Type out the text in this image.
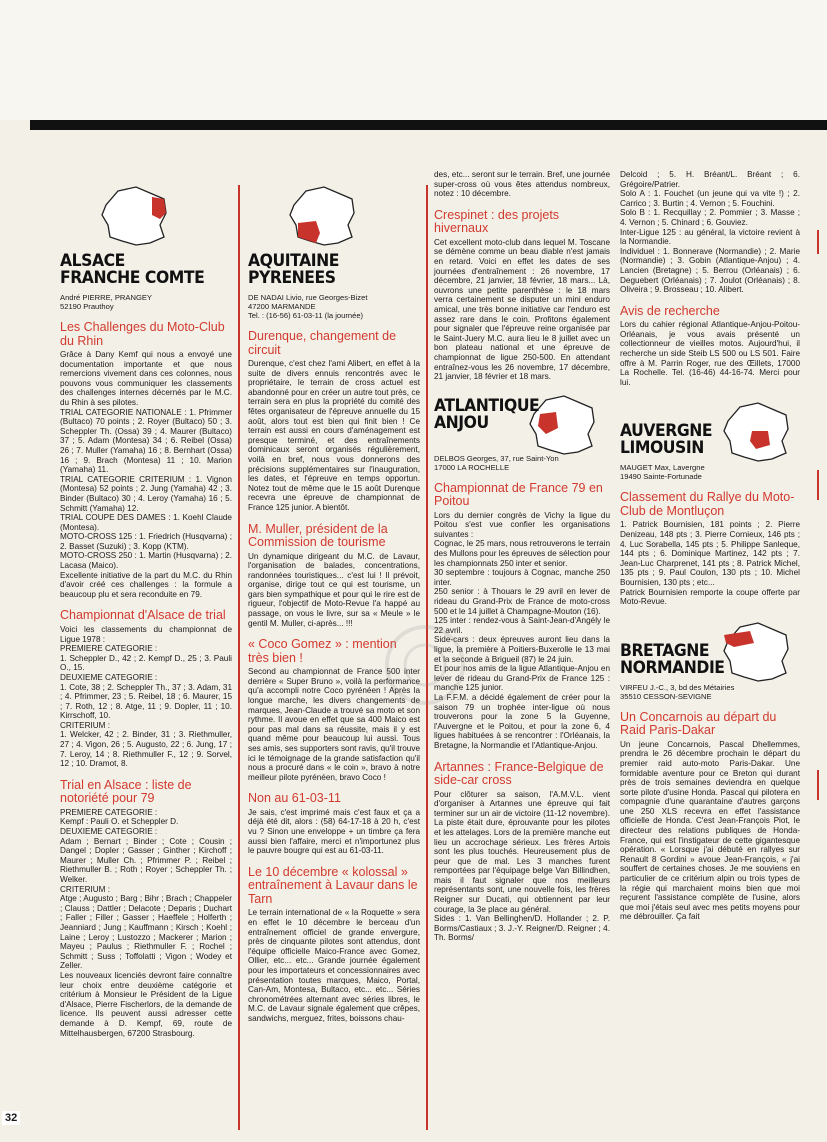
ALSACE
FRANCHE COMTE
André PIERRE, PRANGEY
52190 Prauthoy
Les Challenges du Moto-Club du Rhin

Grâce à Dany Kemf qui nous a envoyé une documentation importante et que nous remercions vivement dans ces colonnes, nous pouvons vous communiquer les classements des challenges internes décernés par le M.C. du Rhin à ses pilotes.
TRIAL CATEGORIE NATIONALE : 1. Pfrimmer (Bultaco) 70 points ; 2. Royer (Bultaco) 50 ; 3. Scheppler Th. (Ossa) 39 ; 4. Maurer (Bultaco) 37 ; 5. Adam (Montesa) 34 ; 6. Reibel (Ossa) 26 ; 7. Muller (Yamaha) 16 ; 8. Bernhart (Ossa) 16 ; 9. Brach (Montesa) 11 ; 10. Marion (Yamaha) 11.
TRIAL CATEGORIE CRITERIUM : 1. Vignon (Montesa) 52 points ; 2. Jung (Yamaha) 42 ; 3. Binder (Bultaco) 30 ; 4. Leroy (Yamaha) 16 ; 5. Schmitt (Yamaha) 12.
TRIAL COUPE DES DAMES : 1. Koehl Claude (Montesa).
MOTO-CROSS 125 : 1. Friedrich (Husqvarna) ; 2. Basset (Suzuki) ; 3. Kopp (KTM).
MOTO-CROSS 250 : 1. Martin (Husqvarna) ; 2. Lacasa (Maico).
Excellente initiative de la part du M.C. du Rhin d'avoir créé ces challenges : la formule a beaucoup plu et sera reconduite en 79.

Championnat d'Alsace de trial

Voici les classements du championnat de Ligue 1978 :
PREMIERE CATEGORIE :
1. Scheppler D., 42 ; 2. Kempf D., 25 ; 3. Pauli O., 15.
DEUXIEME CATEGORIE :
1. Cote, 38 ; 2. Scheppler Th., 37 ; 3. Adam, 31 ; 4. Pfrimmer, 23 ; 5. Reibel, 18 ; 6. Maurer, 15 ; 7. Roth, 12 ; 8. Atge, 11 ; 9. Dopler, 11 ; 10. Kirrschoff, 10.
CRITERIUM :
1. Welcker, 42 ; 2. Binder, 31 ; 3. Riethmuller, 27 ; 4. Vigon, 26 ; 5. Augusto, 22 ; 6. Jung, 17 ; 7. Leroy, 14 ; 8. Riethmuller F., 12 ; 9. Sorvel, 12 ; 10. Dramot, 8.

Trial en Alsace : liste de notoriété pour 79

PREMIERE CATEGORIE :
Kempf : Pauli O. et Scheppler D.
DEUXIEME CATEGORIE :
Adam ; Bernart ; Binder ; Cote ; Cousin ; Dangel ; Dopler ; Gasser ; Ginther ; Kirchoff ; Maurer ; Muller Ch. ; Pfrimmer P. ; Reibel ; Riethmuller B. ; Roth ; Royer ; Scheppler Th. ; Welker.
CRITERIUM :
Atge ; Augusto ; Barg ; Bihr ; Brach ; Chappeler ; Clauss ; Dattler ; Delacote ; Deparis ; Duchart ; Faller ; Filler ; Gasser ; Haeffele ; Holferth ; Jeanniard ; Jung ; Kauffmann ; Kirsch ; Koehl ; Laine ; Leroy ; Lustozzo ; Mackerer ; Marion ; Mayeu ; Paulus ; Riethmuller F. ; Rochel ; Schmitt ; Suss ; Toffolatti ; Vigon ; Wodey et Zeller.
Les nouveaux licenciés devront faire connaître leur choix entre deuxième catégorie et critérium à Monsieur le Président de la Ligue d'Alsace, Pierre Fischerlors, de la demande de licence. Ils peuvent aussi adresser cette demande à D. Kempf, 69, route de Mittelhausbergen, 67200 Strasbourg.

AQUITAINE
PYRENEES
DE NADAI Livio, rue Georges-Bizet
47200 MARMANDE
Tel. : (16-56) 61-03-11 (la journée)
Durenque, changement de circuit

Durenque, c'est chez l'ami Alibert, en effet à la suite de divers ennuis rencontrés avec le propriétaire, le terrain de cross actuel est abandonné pour en créer un autre tout près, ce terrain sera en plus la propriété du comité des fêtes organisateur de l'épreuve annuelle du 15 août, alors tout est bien qui finit bien ! Ce terrain est aussi en cours d'aménagement est presque terminé, et des entraînements dominicaux seront organisés régulièrement, voilà en bref, nous vous donnerons des précisions supplémentaires sur l'inauguration, les dates, et l'épreuve en temps opportun. Notez tout de même que le 15 août Durenque recevra une épreuve de championnat de France 125 junior. A bientôt.

M. Muller, président de la Commission de tourisme

Un dynamique dirigeant du M.C. de Lavaur, l'organisation de balades, concentrations, randonnées touristiques... c'est lui ! Il prévoit, organise, dirige tout ce qui est tourisme, un gars bien sympathique et pour qui le rire est de rigueur, l'objectif de Moto-Revue l'a happé au passage, on vous le livre, sur sa « Meule » le gentil M. Muller, ci-après... !!!

« Coco Gomez » : mention très bien !

Second au championnat de France 500 inter derrière « Super Bruno », voilà la performance qu'a accompli notre Coco pyrénéen ! Après la longue marche, les divers changements de marques, Jean-Claude a trouvé sa moto et son rythme. Il avoue en effet que sa 400 Maico est pour pas mal dans sa réussite, mais il y est quand même pour beaucoup lui aussi. Tous ses amis, ses supporters sont ravis, qu'il trouve ici le témoignage de la grande satisfaction qu'il nous a procuré dans « le coin », bravo à notre meilleur pilote pyrénéen, bravo Coco !

Non au 61-03-11

Je sais, c'est imprimé mais c'est faux et ça a déjà été dit, alors : (58) 64-17-18 à 20 h, c'est vu ? Sinon une enveloppe + un timbre ça fera aussi bien l'affaire, merci et n'importunez plus le pauvre bougre qui est au 61-03-11.

Le 10 décembre « kolossal » entraînement à Lavaur dans le Tarn

Le terrain international de « la Roquette » sera en effet le 10 décembre le berceau d'un entraînement officiel de grande envergure, près de cinquante pilotes sont attendus, dont l'équipe officielle Maico-France avec Gomez, Ollier, etc... etc... Grande journée également pour les importateurs et concessionnaires avec présentation toutes marques, Maico, Portal, Can-Am, Montesa, Bultaco, etc... etc... Séries chronométrées alternant avec séries libres, le M.C. de Lavaur signale également que crêpes, sandwichs, merguez, frites, boissons chau-

des, etc... seront sur le terrain. Bref, une journée super-cross où vous êtes attendus nombreux, notez : 10 décembre.

Crespinet : des projets hivernaux

Cet excellent moto-club dans lequel M. Toscane se démène comme un beau diable n'est jamais en retard. Voici en effet les dates de ses journées d'entraînement : 26 novembre, 17 décembre, 21 janvier, 18 février, 18 mars... Là, ouvrons une petite parenthèse : le 18 mars verra certainement se disputer un mini enduro amical, une très bonne initiative car l'enduro est assez rare dans le coin. Profitons également pour signaler que l'épreuve reine organisée par le Saint-Juery M.C. aura lieu le 8 juillet avec un bon plateau national et une épreuve de championnat de ligue 250-500. En attendant entraînez-vous les 26 novembre, 17 décembre, 21 janvier, 18 février et 18 mars.

ATLANTIQUE
ANJOU
DELBOS Georges, 37, rue Saint-Yon
17000 LA ROCHELLE
Championnat de France 79 en Poitou

Lors du dernier congrès de Vichy la ligue du Poitou s'est vue confier les organisations suivantes :
Cognac, le 25 mars, nous retrouverons le terrain des Mullons pour les épreuves de sélection pour les championnats 250 inter et senior.
30 septembre : toujours à Cognac, manche 250 inter.
250 senior : à Thouars le 29 avril en lever de rideau du Grand-Prix de France de moto-cross 500 et le 14 juillet à Champagne-Mouton (16).
125 inter : rendez-vous à Saint-Jean-d'Angély le 22 avril.
Side-cars : deux épreuves auront lieu dans la ligue, la première à Poitiers-Buxerolle le 13 mai et la seconde à Brigueil (87) le 24 juin.
Et pour nos amis de la ligue Atlantique-Anjou en lever de rideau du Grand-Prix de France 125 : manche 125 junior.
La F.F.M. a décidé également de créer pour la saison 79 un trophée inter-ligue où nous trouverons pour la zone 5 la Guyenne, l'Auvergne et le Poitou, et pour la zone 6, 4 ligues habituées à se rencontrer : l'Orléanais, la Bretagne, la Normandie et l'Atlantique-Anjou.

Artannes : France-Belgique de side-car cross

Pour clôturer sa saison, l'A.M.V.L. vient d'organiser à Artannes une épreuve qui fait terminer sur un air de victoire (11-12 novembre). La piste était dure, éprouvante pour les pilotes et les attelages. Lors de la première manche eut lieu un accrochage sérieux. Les frères Artois sont les plus touchés. Heureusement plus de peur que de mal. Les 3 manches furent remportées par l'équipage belge Van Billindhen, mais il faut signaler que nos meilleurs représentants sont, une nouvelle fois, les frères Reigner sur Ducati, qui obtiennent par leur courage, la 3e place au général.
Sides : 1. Van Bellinghen/D. Hollander ; 2. P. Borms/Castiaux ; 3. J.-Y. Reigner/D. Reigner ; 4. Th. Borms/

Delcoid ; 5. H. Bréant/L. Bréant ; 6. Grégoire/Patrier.
Solo A : 1. Fouchet (un jeune qui va vite !) ; 2. Carrico ; 3. Burtin ; 4. Vernon ; 5. Fouchini.
Solo B : 1. Recquillay ; 2. Pommier ; 3. Masse ; 4. Vernon ; 5. Chinard ; 6. Gouviez.
Inter-Ligue 125 : au général, la victoire revient à la Normandie.
Individuel : 1. Bonnerave (Normandie) ; 2. Marie (Normandie) ; 3. Gobin (Atlantique-Anjou) ; 4. Lancien (Bretagne) ; 5. Berrou (Orléanais) ; 6. Deguebert (Orléanais) ; 7. Joulot (Orléanais) ; 8. Oliveira ; 9. Brosseau ; 10. Alibert.

Avis de recherche

Lors du cahier régional Atlantique-Anjou-Poitou-Orléanais, je vous avais présenté un collectionneur de vieilles motos. Aujourd'hui, il recherche un side Steib LS 500 ou LS 501. Faire offre à M. Parrin Roger, rue des Œillets, 17000 La Rochelle. Tel. (16-46) 44-16-74. Merci pour lui.

AUVERGNE
LIMOUSIN
MAUGET Max, Lavergne
19490 Sainte-Fortunade
Classement du Rallye du Moto-Club de Montluçon

1. Patrick Bournisien, 181 points ; 2. Pierre Denizeau, 148 pts ; 3. Pierre Cornieux, 146 pts ; 4. Luc Sorabella, 145 pts ; 5. Philippe Sanleque, 144 pts ; 6. Dominique Martinez, 142 pts ; 7. Jean-Luc Charprenet, 141 pts ; 8. Patrick Michel, 135 pts ; 9. Paul Coulon, 130 pts ; 10. Michel Bournisien, 130 pts ; etc...
Patrick Bournisien remporte la coupe offerte par Moto-Revue.

BRETAGNE
NORMANDIE
VIRFEU J.-C., 3, bd des Métairies
35510 CESSON-SEVIGNE
Un Concarnois au départ du Raid Paris-Dakar

Un jeune Concarnois, Pascal Dhellemmes, prendra le 26 décembre prochain le départ du premier raid auto-moto Paris-Dakar. Une formidable aventure pour ce Breton qui durant près de trois semaines deviendra en quelque sorte pilote d'usine Honda. Pascal qui pilotera en compagnie d'une quarantaine d'autres garçons une 250 XLS recevra en effet l'assistance officielle de Honda. C'est Jean-François Piot, le directeur des relations publiques de Honda-France, qui est l'instigateur de cette gigantesque opération. « Lorsque j'ai débuté en rallyes sur Renault 8 Gordini » avoue Jean-François, « j'ai souffert de certaines choses. Je me souviens en particulier de ce critérium alpin ou trois types de la régie qui marchaient moins bien que moi reçurent l'assistance complète de l'usine, alors que moi j'étais seul avec mes petits moyens pour me débrouiller. Ça fait

32
